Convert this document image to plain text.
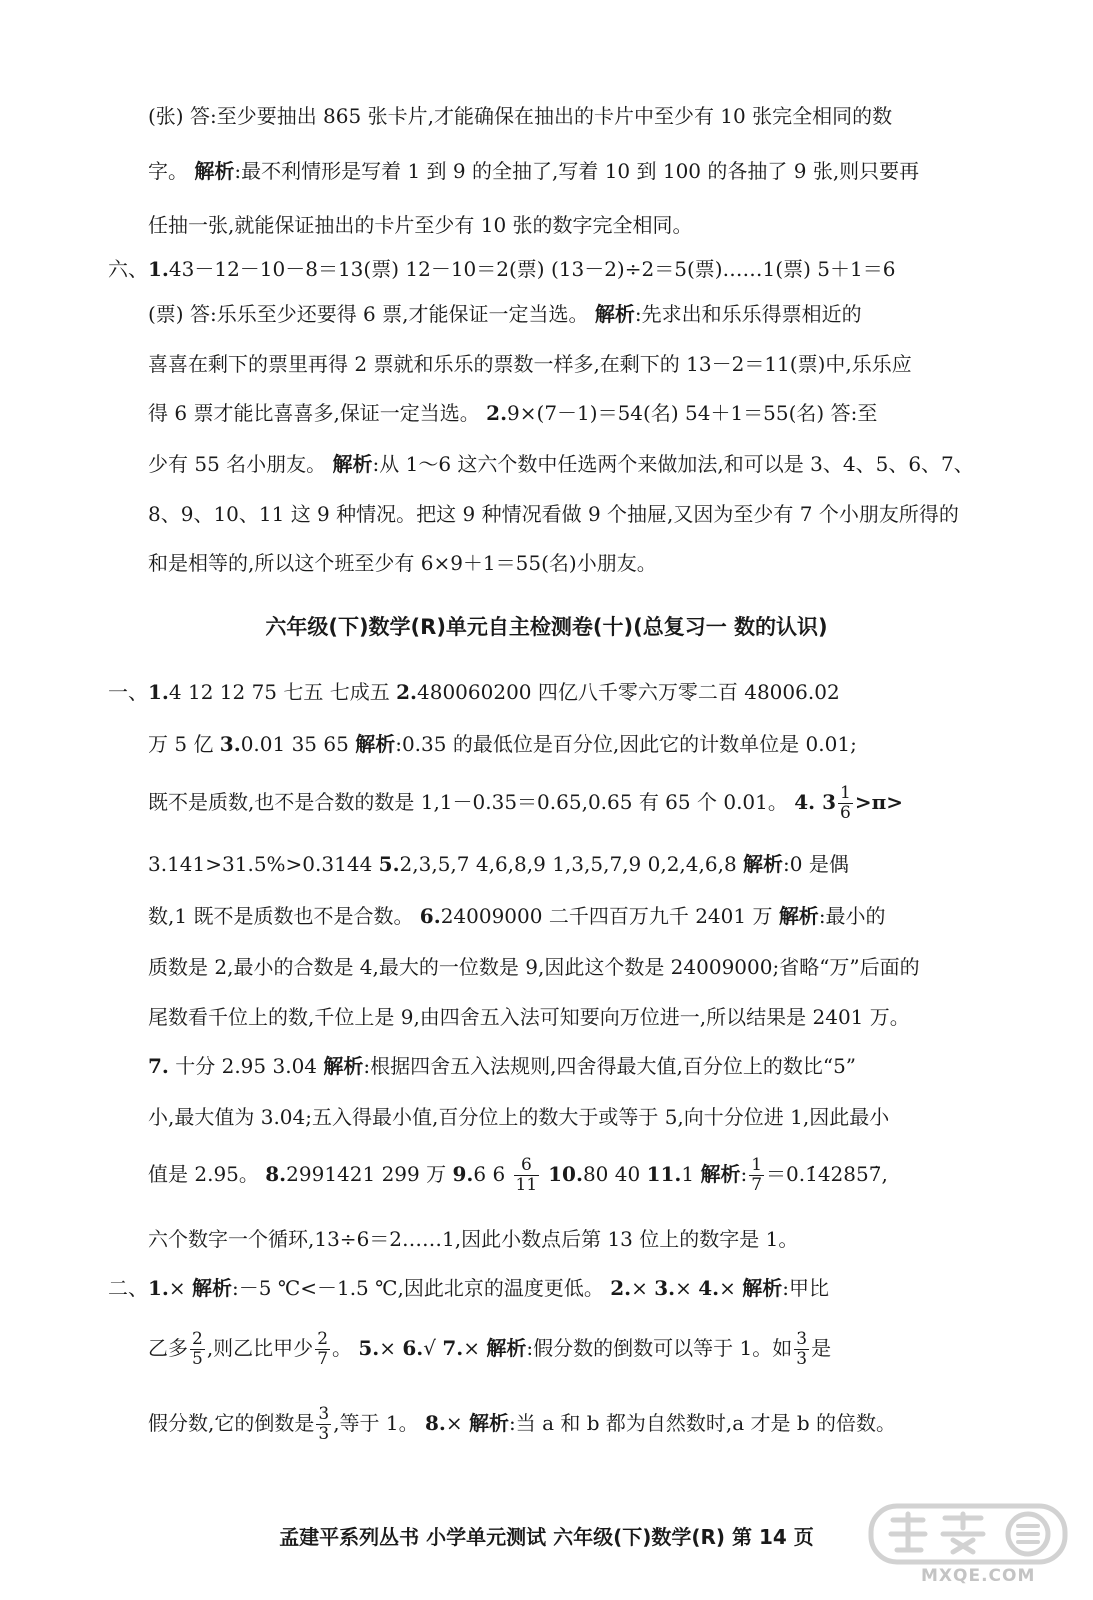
(张) 答:至少要抽出 865 张卡片,才能确保在抽出的卡片中至少有 10 张完全相同的数
字。 解析:最不利情形是写着 1 到 9 的全抽了,写着 10 到 100 的各抽了 9 张,则只要再
任抽一张,就能保证抽出的卡片至少有 10 张的数字完全相同。
六、1.43－12－10－8＝13(票) 12－10＝2(票) (13－2)÷2＝5(票)……1(票) 5＋1＝6
(票) 答:乐乐至少还要得 6 票,才能保证一定当选。 解析:先求出和乐乐得票相近的
喜喜在剩下的票里再得 2 票就和乐乐的票数一样多,在剩下的 13－2＝11(票)中,乐乐应
得 6 票才能比喜喜多,保证一定当选。 2.9×(7－1)＝54(名) 54＋1＝55(名) 答:至
少有 55 名小朋友。 解析:从 1～6 这六个数中任选两个来做加法,和可以是 3、4、5、6、7、
8、9、10、11 这 9 种情况。把这 9 种情况看做 9 个抽屉,又因为至少有 7 个小朋友所得的
和是相等的,所以这个班至少有 6×9＋1＝55(名)小朋友。
六年级(下)数学(R)单元自主检测卷(十)(总复习一 数的认识)
一、1.4 12 12 75 七五 七成五 2.480060200 四亿八千零六万零二百 48006.02
万 5 亿 3.0.01 35 65 解析:0.35 的最低位是百分位,因此它的计数单位是 0.01;
既不是质数,也不是合数的数是 1,1－0.35＝0.65,0.65 有 65 个 0.01。 4. $3 \frac{1}{6} >\pi>$
3.141>31.5%>0.3144 5.2,3,5,7 4,6,8,9 1,3,5,7,9 0,2,4,6,8 解析:0 是偶
数,1 既不是质数也不是合数。 6.24009000 二千四百万九千 2401 万 解析:最小的
质数是 2,最小的合数是 4,最大的一位数是 9,因此这个数是 24009000;省略“万”后面的
尾数看千位上的数,千位上是 9,由四舍五入法可知要向万位进一,所以结果是 2401 万。
7. 十分 2.95 3.04 解析:根据四舍五入法规则,四舍得最大值,百分位上的数比“5”
小,最大值为 3.04;五入得最小值,百分位上的数大于或等于 5,向十分位进 1,因此最小
值是 2.95。 8.2991421 299 万 9.6 $6 \frac{6}{11} 10.80$ 40 11.1 解析: $\frac{1}{7}$ ＝0.1̇42857̇,
六个数字一个循环,13÷6＝2……1,因此小数点后第 13 位上的数字是 1。
二、1.× 解析:－5 ℃<－1.5 ℃,因此北京的温度更低。 2.× 3.× 4.× 解析:甲比
乙多 $\frac{2}{5}$ ,则乙比甲少 $\frac{2}{7}$ 。 5.× 6.√ 7.× 解析:假分数的倒数可以等于 1。如 $\frac{3}{3}$ 是
假分数,它的倒数是 $\frac{3}{3}$ ,等于 1。 8.× 解析:当 a 和 b 都为自然数时,a 才是 b 的倍数。
孟建平系列丛书 小学单元测试 六年级(下)数学(R) 第 14 页
MXQE.COM
